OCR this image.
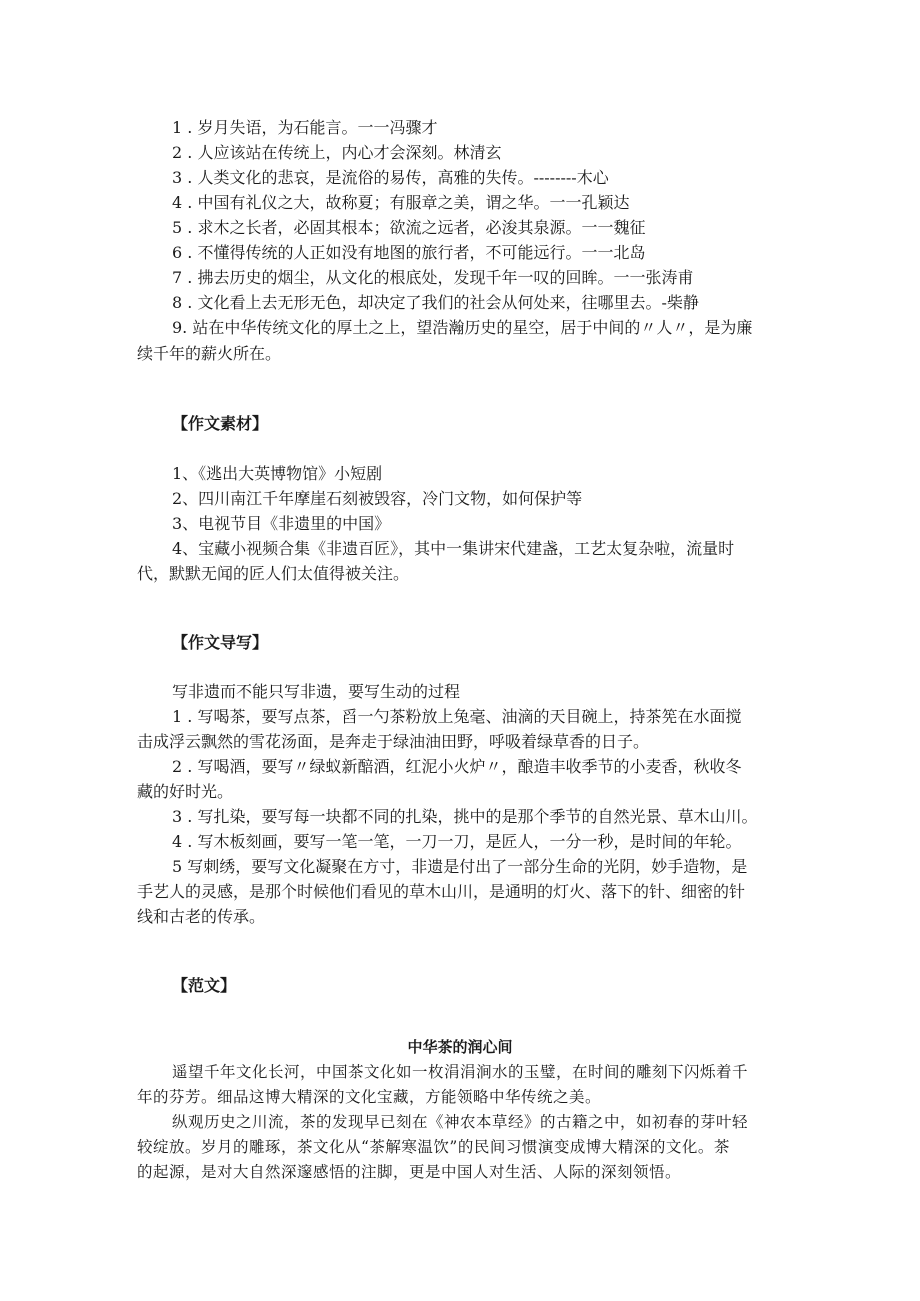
1 . 岁月失语，为石能言。一一冯骤才
2 . 人应该站在传统上，内心才会深刻。林清玄
3 . 人类文化的悲哀，是流俗的易传，高雅的失传。--------木心
4 . 中国有礼仪之大，故称夏；有服章之美，谓之华。一一孔颖达
5 . 求木之长者，必固其根本；欲流之远者，必浚其泉源。一一魏征
6 . 不懂得传统的人正如没有地图的旅行者，不可能远行。一一北岛
7 . 拂去历史的烟尘，从文化的根底处，发现千年一叹的回眸。一一张涛甫
8 . 文化看上去无形无色，却决定了我们的社会从何处来，往哪里去。-柴静
9. 站在中华传统文化的厚土之上，望浩瀚历史的星空，居于中间的〃人〃，是为廉
续千年的薪火所在。
【作文素材】
1、《逃出大英博物馆》小短剧
2、四川南江千年摩崖石刻被毁容，冷门文物，如何保护等
3、电视节目《非遗里的中国》
4、宝藏小视频合集《非遗百匠》，其中一集讲宋代建盏，工艺太复杂啦，流量时
代，默默无闻的匠人们太值得被关注。
【作文导写】
写非遗而不能只写非遗，要写生动的过程
1 . 写喝茶，要写点茶，舀一勺茶粉放上兔毫、油滴的天目碗上，持茶筅在水面搅
击成浮云飘然的雪花汤面，是奔走于绿油油田野，呼吸着绿草香的日子。
2 . 写喝酒，要写〃绿蚁新醅酒，红泥小火炉〃，酿造丰收季节的小麦香，秋收冬
藏的好时光。
3 . 写扎染，要写每一块都不同的扎染，挑中的是那个季节的自然光景、草木山川。
4 . 写木板刻画，要写一笔一笔，一刀一刀，是匠人，一分一秒，是时间的年轮。
5 写刺绣，要写文化凝聚在方寸，非遗是付出了一部分生命的光阴，妙手造物，是
手艺人的灵感，是那个时候他们看见的草木山川，是通明的灯火、落下的针、细密的针
线和古老的传承。
【范文】
中华茶的润心间
遥望千年文化长河，中国茶文化如一枚涓涓涧水的玉璧，在时间的雕刻下闪烁着千
年的芬芳。细品这博大精深的文化宝藏，方能领略中华传统之美。
纵观历史之川流，茶的发现早已刻在《神农本草经》的古籍之中，如初春的芽叶轻
较绽放。岁月的雕琢，茶文化从“茶解寒温饮”的民间习惯演变成博大精深的文化。茶
的起源，是对大自然深邃感悟的注脚，更是中国人对生活、人际的深刻领悟。
